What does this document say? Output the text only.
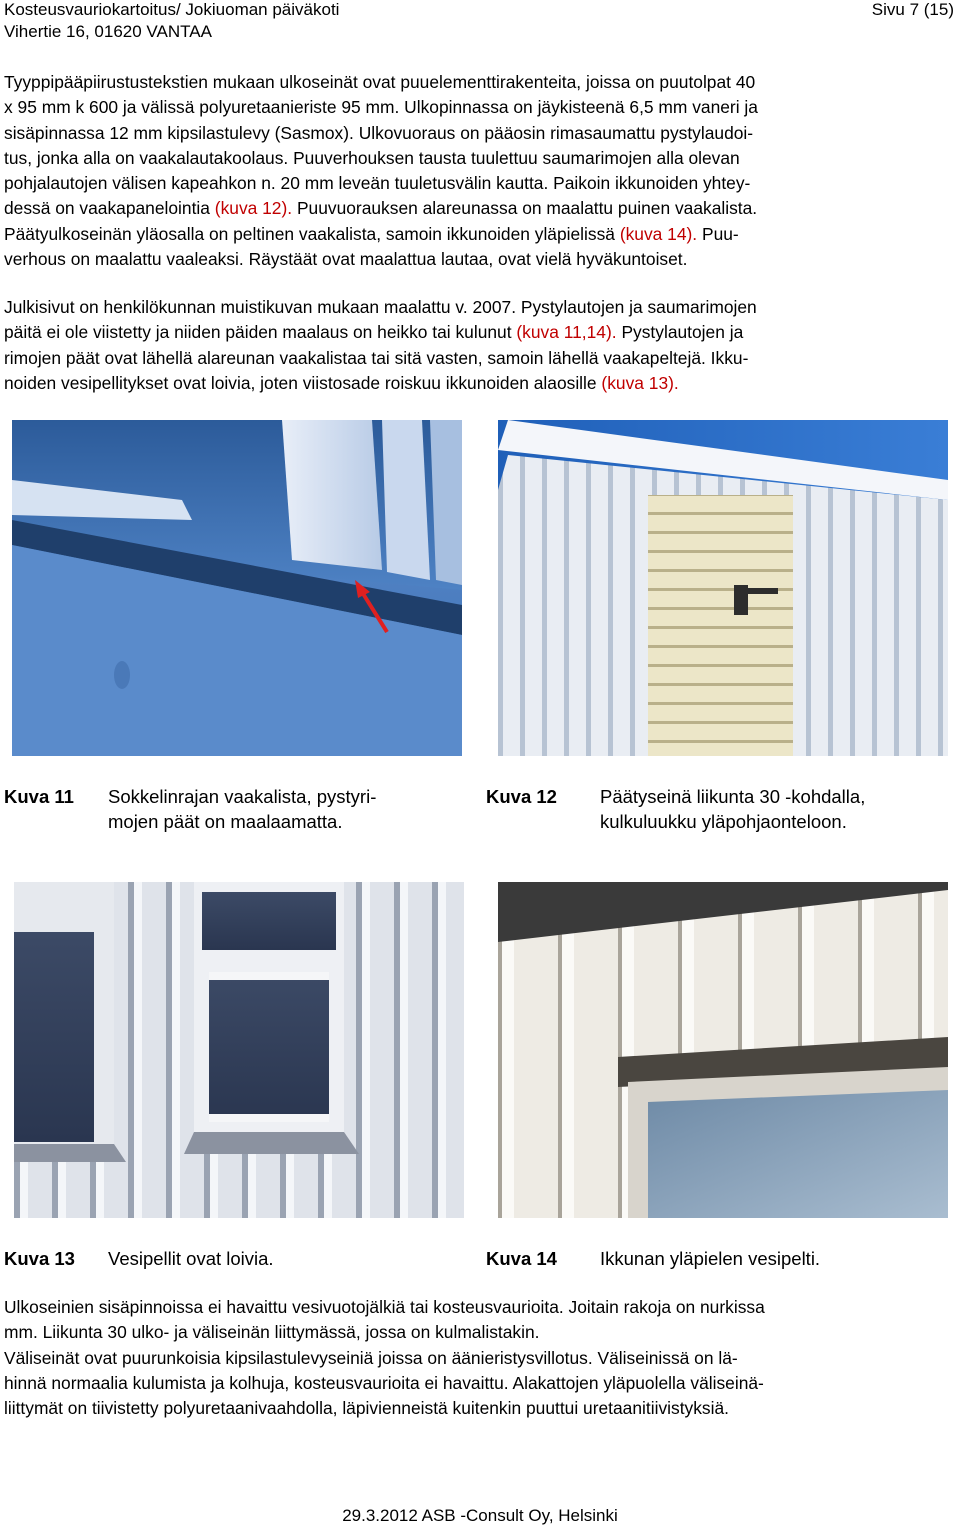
Kosteusvauriokartoitus/ Jokiuoman päiväkoti
Vihertie 16, 01620 VANTAA
Sivu 7 (15)
Tyyppipääpiirustustekstien mukaan ulkoseinät ovat puuelementtirakenteita, joissa on puutolpat 40
x 95 mm k 600 ja välissä polyuretaanieriste 95 mm. Ulkopinnassa on jäykisteenä 6,5 mm vaneri ja
sisäpinnassa 12 mm kipsilastulevy (Sasmox). Ulkovuoraus on pääosin rimasaumattu pystylaudoi-
tus, jonka alla on vaakalautakoolaus. Puuverhouksen tausta tuulettuu saumarimojen alla olevan
pohjalautojen välisen kapeahkon n. 20 mm leveän tuuletusvälin kautta. Paikoin ikkunoiden yhtey-
dessä on vaakapanelointia (kuva 12). Puuvuorauksen alareunassa on maalattu puinen vaakalista.
Päätyulkoseinän yläosalla on peltinen vaakalista, samoin ikkunoiden yläpielissä (kuva 14). Puu-
verhous on maalattu vaaleaksi. Räystäät ovat maalattua lautaa, ovat vielä hyväkuntoiset.
Julkisivut on henkilökunnan muistikuvan mukaan maalattu v. 2007. Pystylautojen ja saumarimojen
päitä ei ole viistetty ja niiden päiden maalaus on heikko tai kulunut (kuva 11,14). Pystylautojen ja
rimojen päät ovat lähellä alareunan vaakalistaa tai sitä vasten, samoin lähellä vaakapeltejä. Ikku-
noiden vesipellitykset ovat loivia, joten viistosade roiskuu ikkunoiden alaosille (kuva 13).
Kuva 11 Sokkelinrajan vaakalista, pystyri-
mojen päät on maalaamatta.
Kuva 12 Päätyseinä liikunta 30 -kohdalla,
kulkuluukku yläpohjaonteloon.
Kuva 13 Vesipellit ovat loivia.	Kuva 14 Ikkunan yläpielen vesipelti.
Ulkoseinien sisäpinnoissa ei havaittu vesivuotojälkiä tai kosteusvaurioita. Joitain rakoja on nurkissa
mm. Liikunta 30 ulko- ja väliseinän liittymässä, jossa on kulmalistakin.
Väliseinät ovat puurunkoisia kipsilastulevyseiniä joissa on äänieristysvillotus. Väliseinissä on lä-
hinnä normaalia kulumista ja kolhuja, kosteusvaurioita ei havaittu. Alakattojen yläpuolella väliseinä-
liittymät on tiivistetty polyuretaanivaahdolla, läpivienneistä kuitenkin puuttui uretaanitiivistyksiä.
29.3.2012 ASB -Consult Oy, Helsinki
